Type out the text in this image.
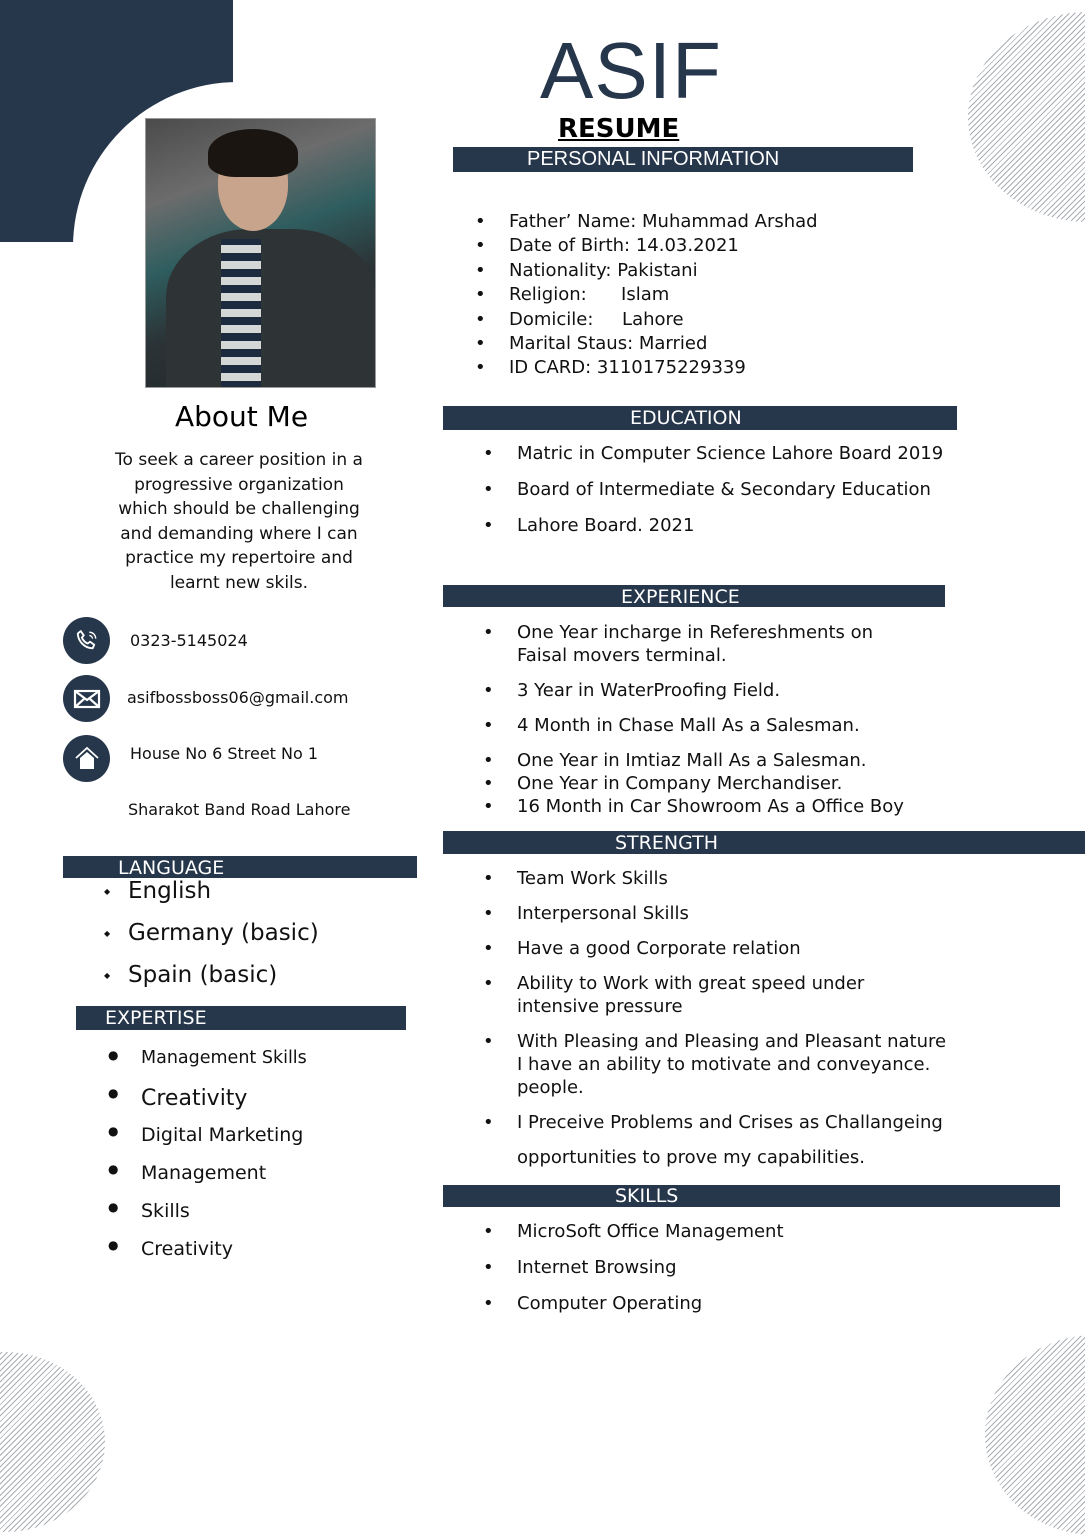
ASIF
RESUME
About Me
To seek a career position in a progressive organization which should be challenging and demanding where I can practice my repertoire and learnt new skils.
0323-5145024
asifbossboss06@gmail.com
House No 6 Street No 1
Sharakot Band Road Lahore
LANGUAGE
◆ English
◆ Germany (basic)
◆ Spain (basic)
EXPERTISE
● Management Skills
● Creativity
● Digital Marketing
● Management
● Skills
● Creativity
PERSONAL INFORMATION
• Father’ Name: Muhammad Arshad
• Date of Birth: 14.03.2021
• Nationality: Pakistani
• Religion:      Islam
• Domicile:     Lahore
• Marital Staus: Married
• ID CARD: 3110175229339
EDUCATION
• Matric in Computer Science Lahore Board 2019
• Board of Intermediate & Secondary Education
• Lahore Board. 2021
EXPERIENCE
• One Year incharge in Refereshments on Faisal movers terminal.
• 3 Year in WaterProofing Field.
• 4 Month in Chase Mall As a Salesman.
• One Year in Imtiaz Mall As a Salesman.
• One Year in Company Merchandiser.
• 16 Month in Car Showroom As a Office Boy
STRENGTH
• Team Work Skills
• Interpersonal Skills
• Have a good Corporate relation
• Ability to Work with great speed under intensive pressure
• With Pleasing and Pleasing and Pleasant nature I have an ability to motivate and conveyance. people.
• I Preceive Problems and Crises as Challangeing
opportunities to prove my capabilities.
SKILLS
• MicroSoft Office Management
• Internet Browsing
• Computer Operating
